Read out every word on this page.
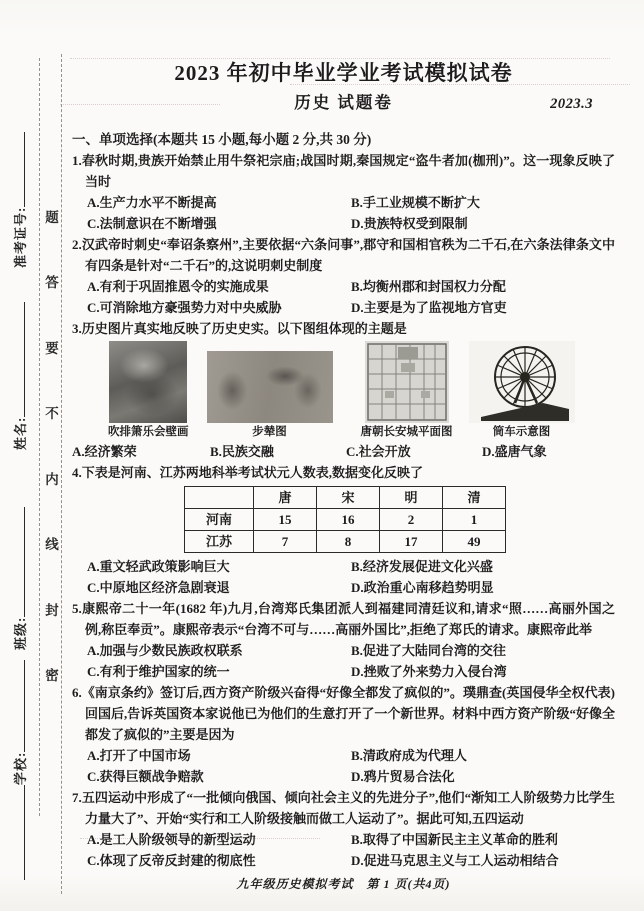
题
答
要
不
内
线
封
密
准考证号:
姓名:
班级:
学校:
2023 年初中毕业学业考试模拟试卷
历史 试题卷	2023.3
一、单项选择(本题共 15 小题,每小题 2 分,共 30 分)

1.春秋时期,贵族开始禁止用牛祭祀宗庙;战国时期,秦国规定“盗牛者加(枷刑)”。这一现象反映了当时

A.生产力水平不断提高	B.手工业规模不断扩大
C.法制意识在不断增强	D.贵族特权受到限制

2.汉武帝时刺史“奉诏条察州”,主要依据“六条问事”,郡守和国相官秩为二千石,在六条法律条文中有四条是针对“二千石”的,这说明刺史制度

A.有利于巩固推恩令的实施成果	B.均衡州郡和封国权力分配
C.可消除地方豪强势力对中央威胁	D.主要是为了监视地方官吏

3.历史图片真实地反映了历史史实。以下图组体现的主题是

吹排箫乐会壁画	步辇图	唐朝长安城平面图	筒车示意图
A.经济繁荣	B.民族交融	C.社会开放	D.盛唐气象

4.下表是河南、江苏两地科举考试状元人数表,数据变化反映了

	唐	宋	明	清
河南	15	16	2	1
江苏	7	8	17	49
A.重文轻武政策影响巨大	B.经济发展促进文化兴盛
C.中原地区经济急剧衰退	D.政治重心南移趋势明显

5.康熙帝二十一年(1682 年)九月,台湾郑氏集团派人到福建同清廷议和,请求“照……高丽外国之例,称臣奉贡”。康熙帝表示“台湾不可与……高丽外国比”,拒绝了郑氏的请求。康熙帝此举

A.加强与少数民族政权联系	B.促进了大陆同台湾的交往
C.有利于维护国家的统一	D.挫败了外来势力入侵台湾

6.《南京条约》签订后,西方资产阶级兴奋得“好像全都发了疯似的”。璞鼎查(英国侵华全权代表)回国后,告诉英国资本家说他已为他们的生意打开了一个新世界。材料中西方资产阶级“好像全都发了疯似的”主要是因为

A.打开了中国市场	B.清政府成为代理人
C.获得巨额战争赔款	D.鸦片贸易合法化

7.五四运动中形成了“一批倾向俄国、倾向社会主义的先进分子”,他们“渐知工人阶级势力比学生力量大了”、开始“实行和工人阶级接触而做工人运动了”。据此可知,五四运动

A.是工人阶级领导的新型运动	B.取得了中国新民主主义革命的胜利
C.体现了反帝反封建的彻底性	D.促进马克思主义与工人运动相结合
九年级历史模拟考试　第 1 页(共4页)
